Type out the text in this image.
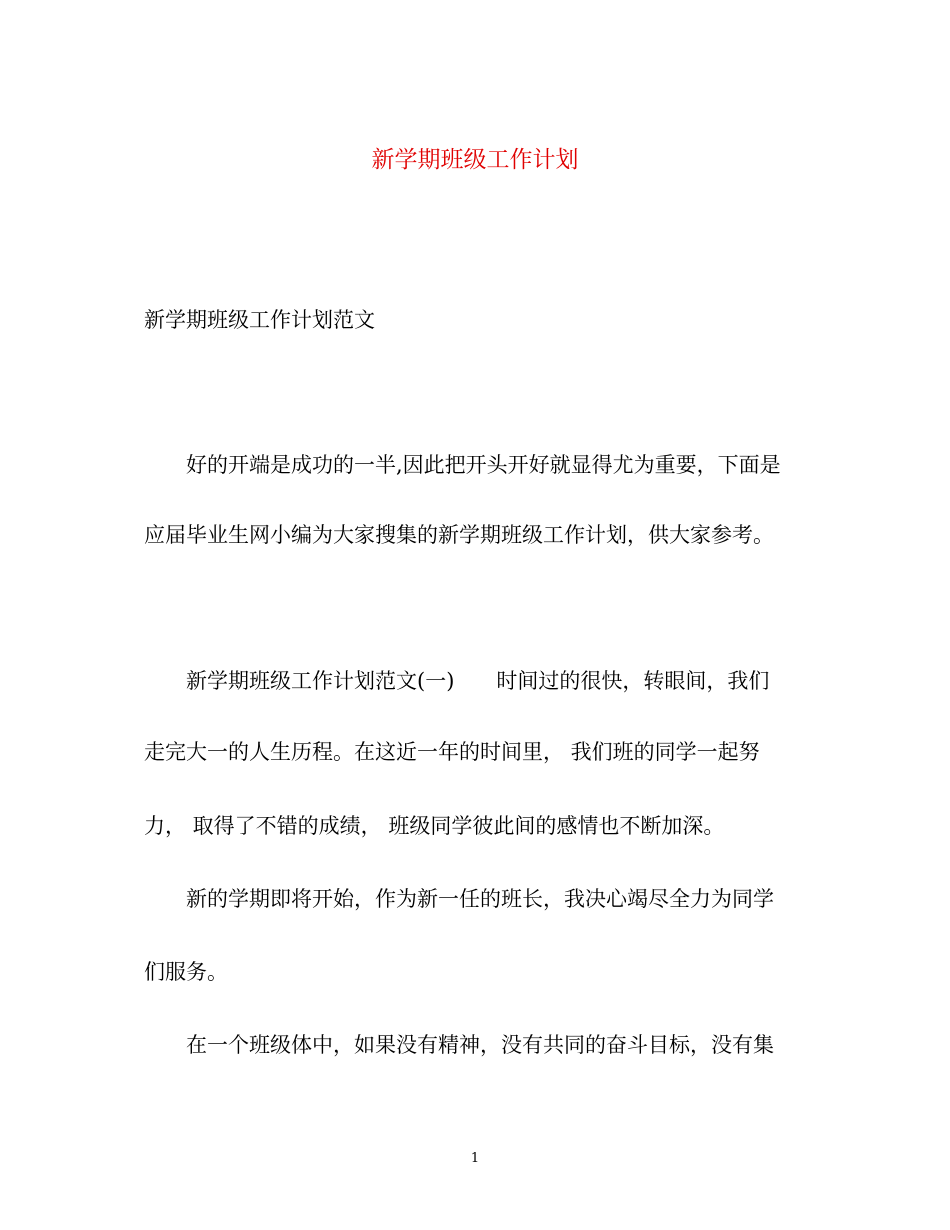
新学期班级工作计划
新学期班级工作计划范文
好的开端是成功的一半,因此把开头开好就显得尤为重要，下面是
应届毕业生网小编为大家搜集的新学期班级工作计划，供大家参考。
新学期班级工作计划范文(一)　　时间过的很快，转眼间，我们
走完大一的人生历程。在这近一年的时间里， 我们班的同学一起努
力， 取得了不错的成绩， 班级同学彼此间的感情也不断加深。
新的学期即将开始，作为新一任的班长，我决心竭尽全力为同学
们服务。
在一个班级体中，如果没有精神，没有共同的奋斗目标，没有集
1
